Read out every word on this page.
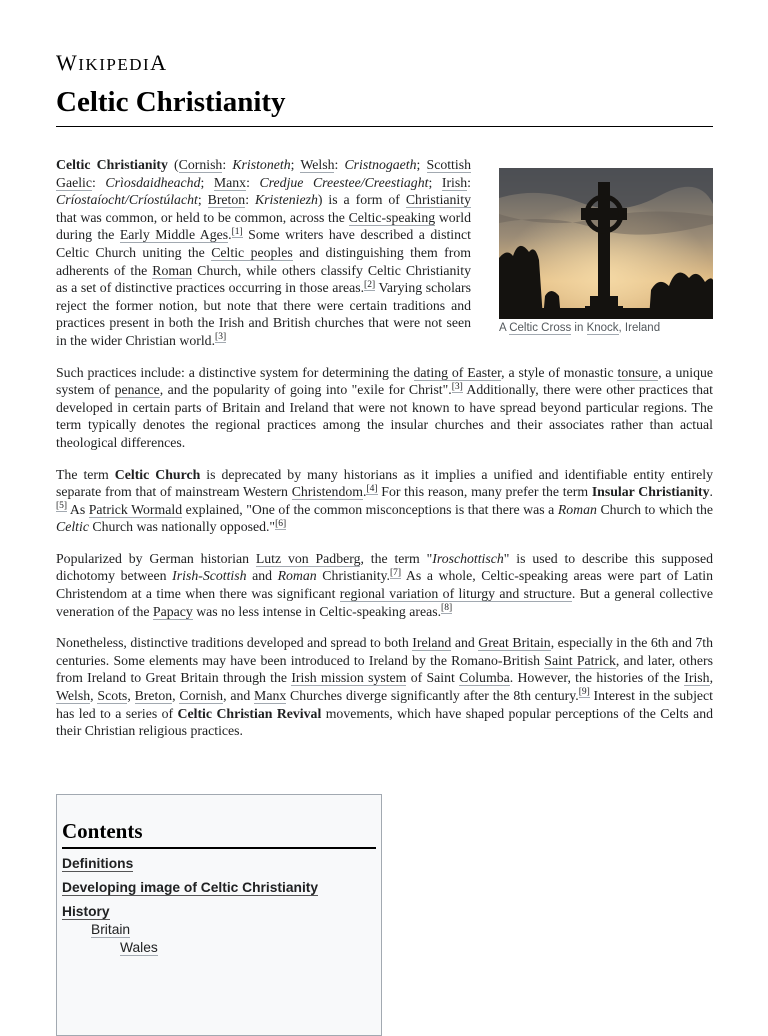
WIKIPEDIA
Celtic Christianity
A Celtic Cross in Knock, Ireland

Celtic Christianity (Cornish: Kristoneth; Welsh: Cristnogaeth; Scottish Gaelic: Crìosdaidheachd; Manx: Credjue Creestee/Creestiaght; Irish: Críostaíocht/Críostúlacht; Breton: Kristeniezh) is a form of Christianity that was common, or held to be common, across the Celtic-speaking world during the Early Middle Ages.[1] Some writers have described a distinct Celtic Church uniting the Celtic peoples and distinguishing them from adherents of the Roman Church, while others classify Celtic Christianity as a set of distinctive practices occurring in those areas.[2] Varying scholars reject the former notion, but note that there were certain traditions and practices present in both the Irish and British churches that were not seen in the wider Christian world.[3]

Such practices include: a distinctive system for determining the dating of Easter, a style of monastic tonsure, a unique system of penance, and the popularity of going into "exile for Christ".[3] Additionally, there were other practices that developed in certain parts of Britain and Ireland that were not known to have spread beyond particular regions. The term typically denotes the regional practices among the insular churches and their associates rather than actual theological differences.

The term Celtic Church is deprecated by many historians as it implies a unified and identifiable entity entirely separate from that of mainstream Western Christendom.[4] For this reason, many prefer the term Insular Christianity.[5] As Patrick Wormald explained, "One of the common misconceptions is that there was a Roman Church to which the Celtic Church was nationally opposed."[6]

Popularized by German historian Lutz von Padberg, the term "Iroschottisch" is used to describe this supposed dichotomy between Irish-Scottish and Roman Christianity.[7] As a whole, Celtic-speaking areas were part of Latin Christendom at a time when there was significant regional variation of liturgy and structure. But a general collective veneration of the Papacy was no less intense in Celtic-speaking areas.[8]

Nonetheless, distinctive traditions developed and spread to both Ireland and Great Britain, especially in the 6th and 7th centuries. Some elements may have been introduced to Ireland by the Romano-British Saint Patrick, and later, others from Ireland to Great Britain through the Irish mission system of Saint Columba. However, the histories of the Irish, Welsh, Scots, Breton, Cornish, and Manx Churches diverge significantly after the 8th century.[9] Interest in the subject has led to a series of Celtic Christian Revival movements, which have shaped popular perceptions of the Celts and their Christian religious practices.

Contents
Definitions
Developing image of Celtic Christianity
History
Britain
Wales
